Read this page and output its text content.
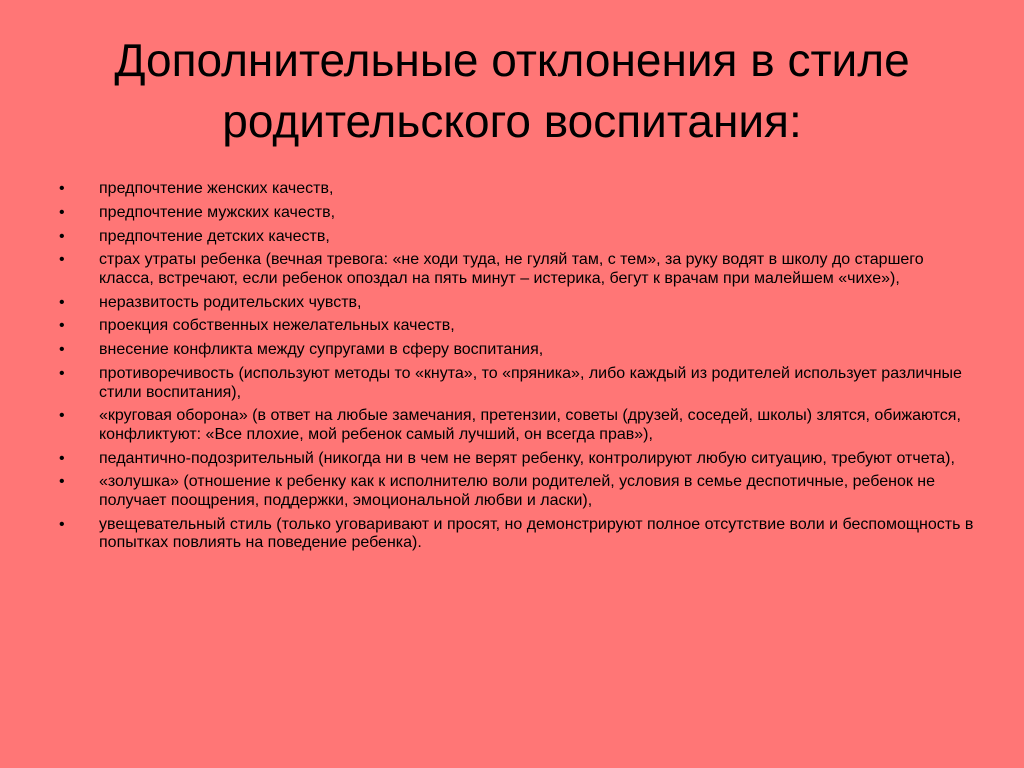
Дополнительные отклонения в стиле родительского воспитания:
•	предпочтение женских качеств,
•	предпочтение мужских качеств,
•	предпочтение детских качеств,
•	страх утраты ребенка (вечная тревога: «не ходи туда, не гуляй там, с тем», за руку водят в школу до старшего класса, встречают, если ребенок опоздал на пять минут – истерика, бегут к врачам при малейшем «чихе»),
•	неразвитость родительских чувств,
•	проекция собственных нежелательных качеств,
•	внесение конфликта между супругами в сферу воспитания,
•	противоречивость (используют методы то «кнута», то «пряника», либо каждый из родителей использует различные стили воспитания),
•	«круговая оборона» (в ответ на любые замечания, претензии, советы (друзей, соседей, школы) злятся, обижаются, конфликтуют: «Все плохие, мой ребенок самый лучший, он всегда прав»),
•	педантично-подозрительный (никогда ни в чем не верят ребенку, контролируют любую ситуацию, требуют отчета),
•	«золушка» (отношение к ребенку как к исполнителю воли родителей, условия в семье деспотичные, ребенок не получает поощрения, поддержки, эмоциональной любви и ласки),
•	увещевательный стиль (только уговаривают и просят, но демонстрируют полное отсутствие воли и беспомощность в попытках повлиять на поведение ребенка).
